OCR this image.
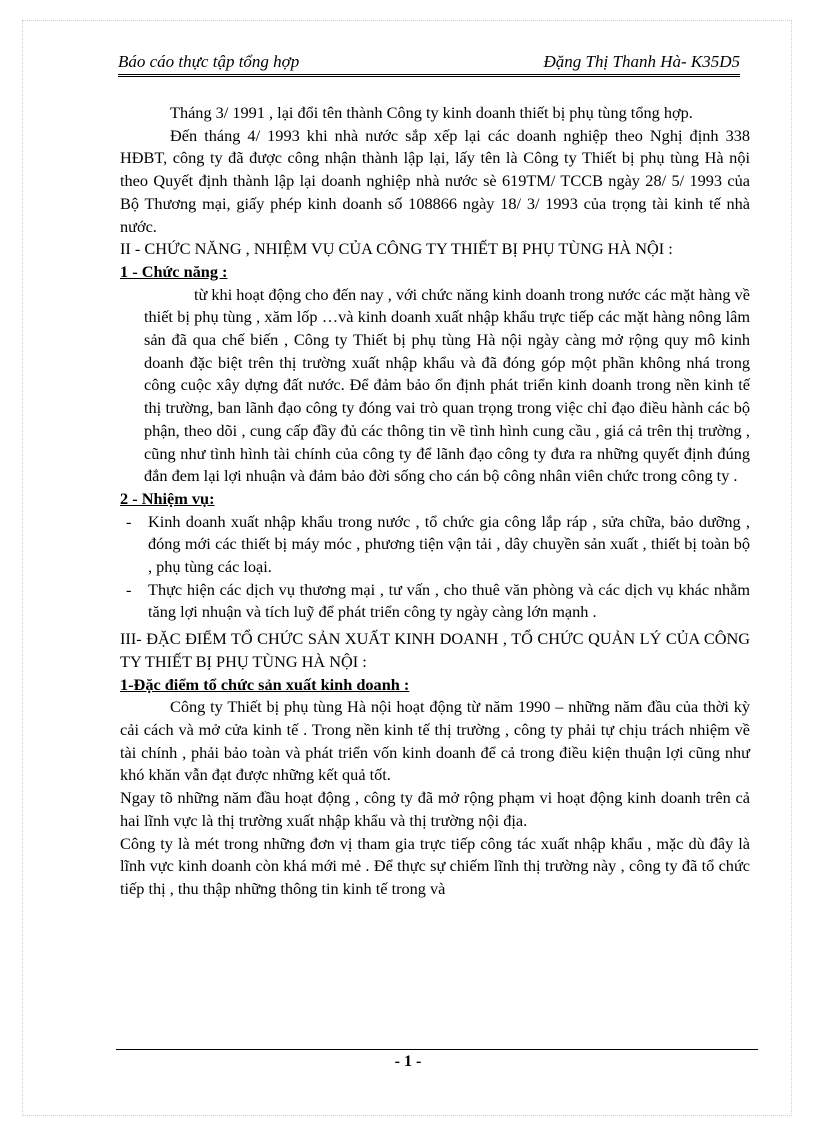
Báo cáo thực tập tổng hợp	Đặng Thị Thanh Hà- K35D5

Tháng 3/ 1991 , lại đổi tên thành Công ty kinh doanh thiết bị phụ tùng tổng hợp.

Đến tháng 4/ 1993 khi nhà nước sắp xếp lại các doanh nghiệp theo Nghị định 338 HĐBT, công ty đã được công nhận thành lập lại, lấy tên là Công ty Thiết bị phụ tùng Hà nội theo Quyết định thành lập lại doanh nghiệp nhà nước sè 619TM/ TCCB ngày 28/ 5/ 1993 của Bộ Thương mại, giấy phép kinh doanh số 108866 ngày 18/ 3/ 1993 của trọng tài kinh tế nhà nước.

II - CHỨC NĂNG , NHIỆM VỤ CỦA CÔNG TY THIẾT BỊ PHỤ TÙNG HÀ NỘI :

1 - Chức năng :

từ khi hoạt động cho đến nay , với chức năng kinh doanh trong nước các mặt hàng về thiết bị phụ tùng , xăm lốp …và kinh doanh xuất nhập khẩu trực tiếp các mặt hàng nông lâm sản đã qua chế biến , Công ty Thiết bị phụ tùng Hà nội ngày càng mở rộng quy mô kinh doanh đặc biệt trên thị trường xuất nhập khẩu và đã đóng góp một phần không nhá trong công cuộc xây dựng đất nước. Để đảm bảo ổn định phát triển kinh doanh trong nền kinh tế thị trường, ban lãnh đạo công ty đóng vai trò quan trọng trong việc chỉ đạo điều hành các bộ phận, theo dõi , cung cấp đầy đủ các thông tin về tình hình cung cầu , giá cả trên thị trường , cũng như tình hình tài chính của công ty để lãnh đạo công ty đưa ra những quyết định đúng đắn đem lại lợi nhuận và đảm bảo đời sống cho cán bộ công nhân viên chức trong công ty .

2 - Nhiệm vụ:

- Kinh doanh xuất nhập khẩu trong nước , tổ chức gia công lắp ráp , sửa chữa, bảo dưỡng , đóng mới các thiết bị máy móc , phương tiện vận tải , dây chuyền sản xuất , thiết bị toàn bộ , phụ tùng các loại.
- Thực hiện các dịch vụ thương mại , tư vấn , cho thuê văn phòng và các dịch vụ khác nhằm tăng lợi nhuận và tích luỹ để phát triển công ty ngày càng lớn mạnh .

III- ĐẶC ĐIỂM TỔ CHỨC SẢN XUẤT KINH DOANH , TỔ CHỨC QUẢN LÝ CỦA CÔNG TY THIẾT BỊ PHỤ TÙNG HÀ NỘI :

1-Đặc điểm tổ chức sản xuất kinh doanh :

Công ty Thiết bị phụ tùng Hà nội hoạt động từ năm 1990 – những năm đầu của thời kỳ cải cách và mở cửa kinh tế . Trong nền kinh tế thị trường , công ty phải tự chịu trách nhiệm về tài chính , phải bảo toàn và phát triển vốn kinh doanh để cả trong điều kiện thuận lợi cũng như khó khăn vẫn đạt được những kết quả tốt.

Ngay tõ những năm đầu hoạt động , công ty đã mở rộng phạm vi hoạt động kinh doanh trên cả hai lĩnh vực là thị trường xuất nhập khẩu và thị trường nội địa.

Công ty là mét trong những đơn vị tham gia trực tiếp công tác xuất nhập khẩu , mặc dù đây là lĩnh vực kinh doanh còn khá mới mẻ . Để thực sự chiếm lĩnh thị trường này , công ty đã tổ chức tiếp thị , thu thập những thông tin kinh tế trong và

- 1 -
